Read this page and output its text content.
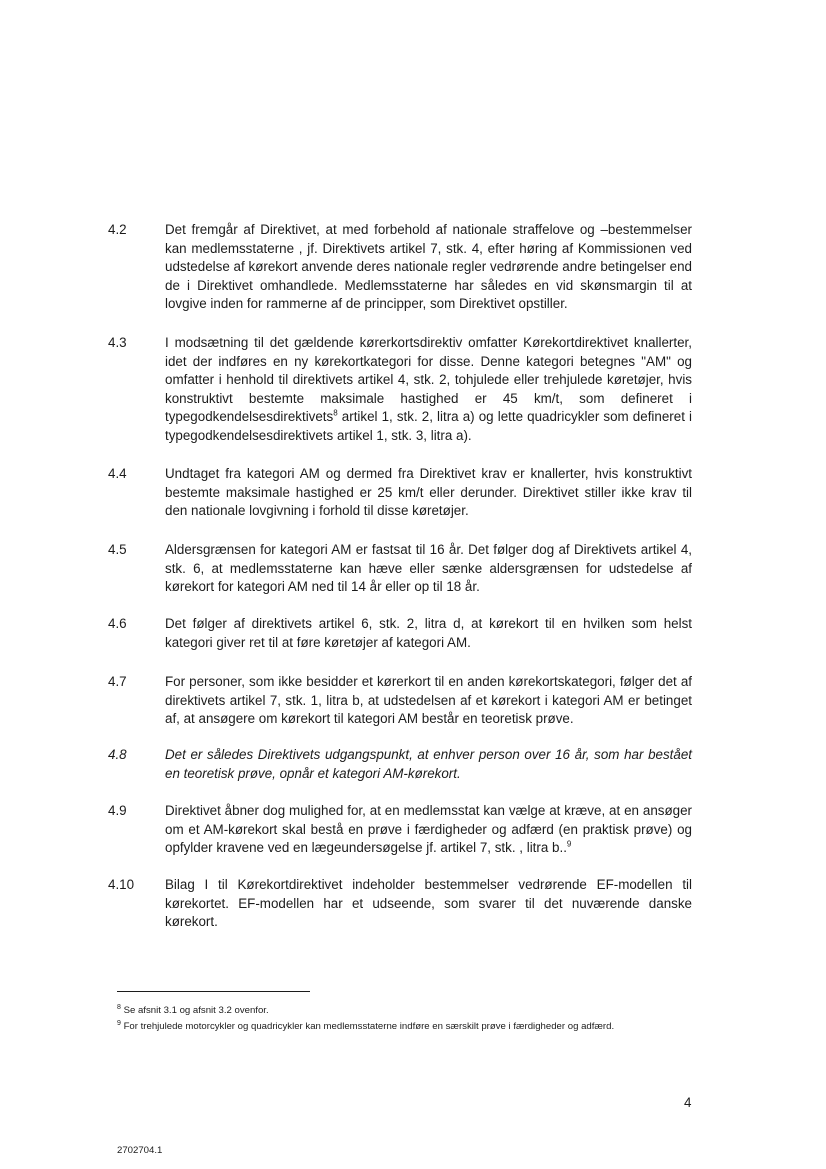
4.2	Det fremgår af Direktivet, at med forbehold af nationale straffelove og –bestemmelser kan medlemsstaterne , jf. Direktivets artikel 7, stk. 4, efter høring af Kommissionen ved udstedelse af kørekort anvende deres nationale regler vedrørende andre betingelser end de i Direktivet omhandlede. Medlemsstaterne har således en vid skønsmargin til at lovgive inden for rammerne af de principper, som Direktivet opstiller.
4.3	I modsætning til det gældende kørerkortsdirektiv omfatter Kørekortdirektivet knallerter, idet der indføres en ny kørekortkategori for disse. Denne kategori betegnes "AM" og omfatter i henhold til direktivets artikel 4, stk. 2, tohjulede eller trehjulede køretøjer, hvis konstruktivt bestemte maksimale hastighed er 45 km/t, som defineret i typegodkendelsesdirektivets$^8$ artikel 1, stk. 2, litra a) og lette quadricykler som defineret i typegodkendelsesdirektivets artikel 1, stk. 3, litra a).
4.4	Undtaget fra kategori AM og dermed fra Direktivet krav er knallerter, hvis konstruktivt bestemte maksimale hastighed er 25 km/t eller derunder. Direktivet stiller ikke krav til den nationale lovgivning i forhold til disse køretøjer.
4.5	Aldersgrænsen for kategori AM er fastsat til 16 år. Det følger dog af Direktivets artikel 4, stk. 6, at medlemsstaterne kan hæve eller sænke aldersgrænsen for udstedelse af kørekort for kategori AM ned til 14 år eller op til 18 år.
4.6	Det følger af direktivets artikel 6, stk. 2, litra d, at kørekort til en hvilken som helst kategori giver ret til at føre køretøjer af kategori AM.
4.7	For personer, som ikke besidder et kørerkort til en anden kørekortskategori, følger det af direktivets artikel 7, stk. 1, litra b, at udstedelsen af et kørekort i kategori AM er betinget af, at ansøgere om kørekort til kategori AM består en teoretisk prøve.
4.8	Det er således Direktivets udgangspunkt, at enhver person over 16 år, som har bestået en teoretisk prøve, opnår et kategori AM-kørekort.
4.9	Direktivet åbner dog mulighed for, at en medlemsstat kan vælge at kræve, at en ansøger om et AM-kørekort skal bestå en prøve i færdigheder og adfærd (en praktisk prøve) og opfylder kravene ved en lægeundersøgelse jf. artikel 7, stk. , litra b..$^9$
4.10 Bilag I til Kørekortdirektivet indeholder bestemmelser vedrørende EF-modellen til kørekortet. EF-modellen har et udseende, som svarer til det nuværende danske kørekort.
$^8$ Se afsnit 3.1 og afsnit 3.2 ovenfor.
$^9$ For trehjulede motorcykler og quadricykler kan medlemsstaterne indføre en særskilt prøve i færdigheder og adfærd.
4
2702704.1
